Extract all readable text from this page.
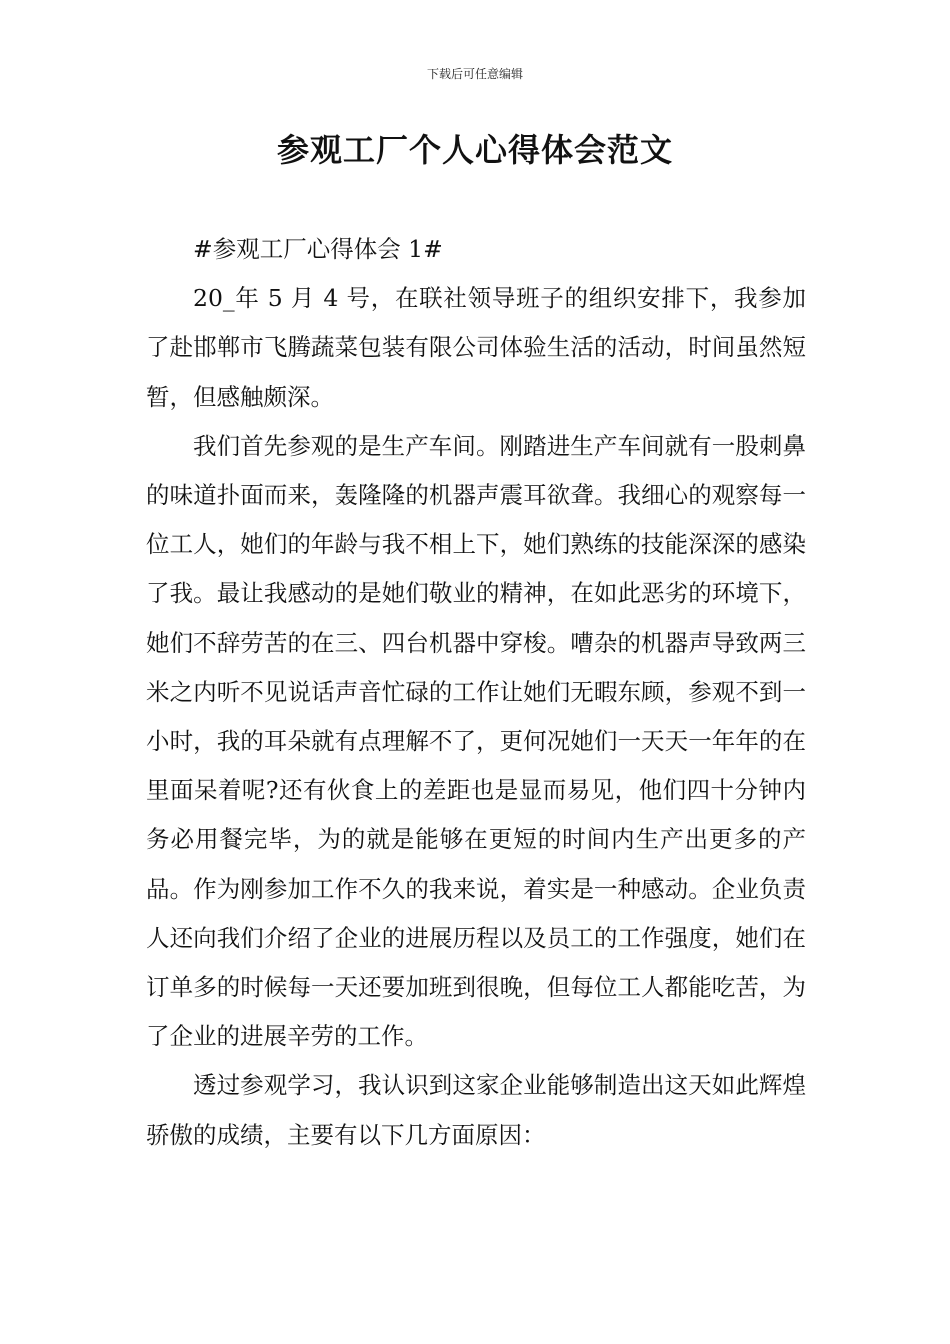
下载后可任意编辑
参观工厂个人心得体会范文

#参观工厂心得体会 1#

20_年 5 月 4 号，在联社领导班子的组织安排下，我参加了赴邯郸市飞腾蔬菜包装有限公司体验生活的活动，时间虽然短暂，但感触颇深。

我们首先参观的是生产车间。刚踏进生产车间就有一股刺鼻的味道扑面而来，轰隆隆的机器声震耳欲聋。我细心的观察每一位工人，她们的年龄与我不相上下，她们熟练的技能深深的感染了我。最让我感动的是她们敬业的精神，在如此恶劣的环境下，她们不辞劳苦的在三、四台机器中穿梭。嘈杂的机器声导致两三米之内听不见说话声音忙碌的工作让她们无暇东顾，参观不到一小时，我的耳朵就有点理解不了，更何况她们一天天一年年的在里面呆着呢?还有伙食上的差距也是显而易见，他们四十分钟内务必用餐完毕，为的就是能够在更短的时间内生产出更多的产品。作为刚参加工作不久的我来说，着实是一种感动。企业负责人还向我们介绍了企业的进展历程以及员工的工作强度，她们在订单多的时候每一天还要加班到很晚，但每位工人都能吃苦，为了企业的进展辛劳的工作。

透过参观学习，我认识到这家企业能够制造出这天如此辉煌骄傲的成绩，主要有以下几方面原因：
